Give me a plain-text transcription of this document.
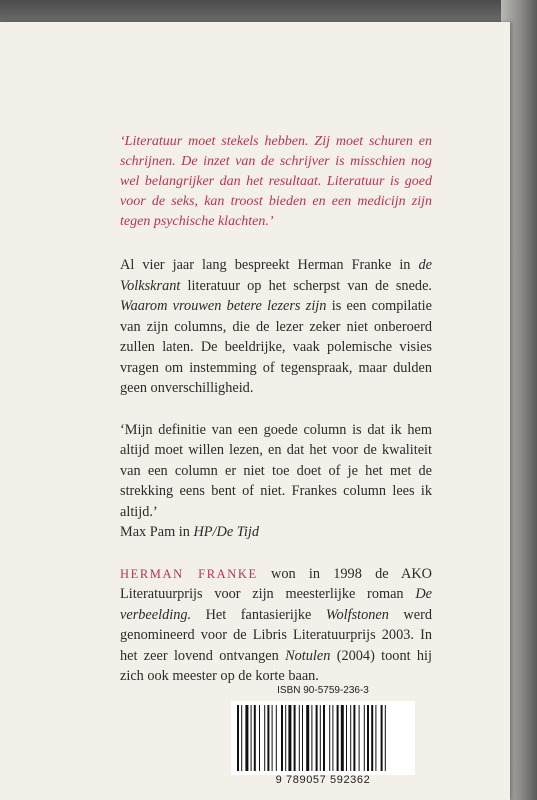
‘Literatuur moet stekels hebben. Zij moet schuren en schrijnen. De inzet van de schrijver is misschien nog wel belangrijker dan het resultaat. Literatuur is goed voor de seks, kan troost bieden en een medicijn zijn tegen psychische klachten.’

Al vier jaar lang bespreekt Herman Franke in de Volkskrant literatuur op het scherpst van de snede. Waarom vrouwen betere lezers zijn is een compilatie van zijn columns, die de lezer zeker niet onberoerd zullen laten. De beeldrijke, vaak polemische visies vragen om instemming of tegenspraak, maar dulden geen onverschilligheid.

‘Mijn definitie van een goede column is dat ik hem altijd moet willen lezen, en dat het voor de kwaliteit van een column er niet toe doet of je het met de strekking eens bent of niet. Frankes column lees ik altijd.’
Max Pam in HP/De Tijd

HERMAN FRANKE won in 1998 de AKO Literatuurprijs voor zijn meesterlijke roman De verbeelding. Het fantasierijke Wolfstonen werd genomineerd voor de Libris Literatuurprijs 2003. In het zeer lovend ontvangen Notulen (2004) toont hij zich ook meester op de korte baan.

ISBN 90-5759-236-3
9 789057 592362
